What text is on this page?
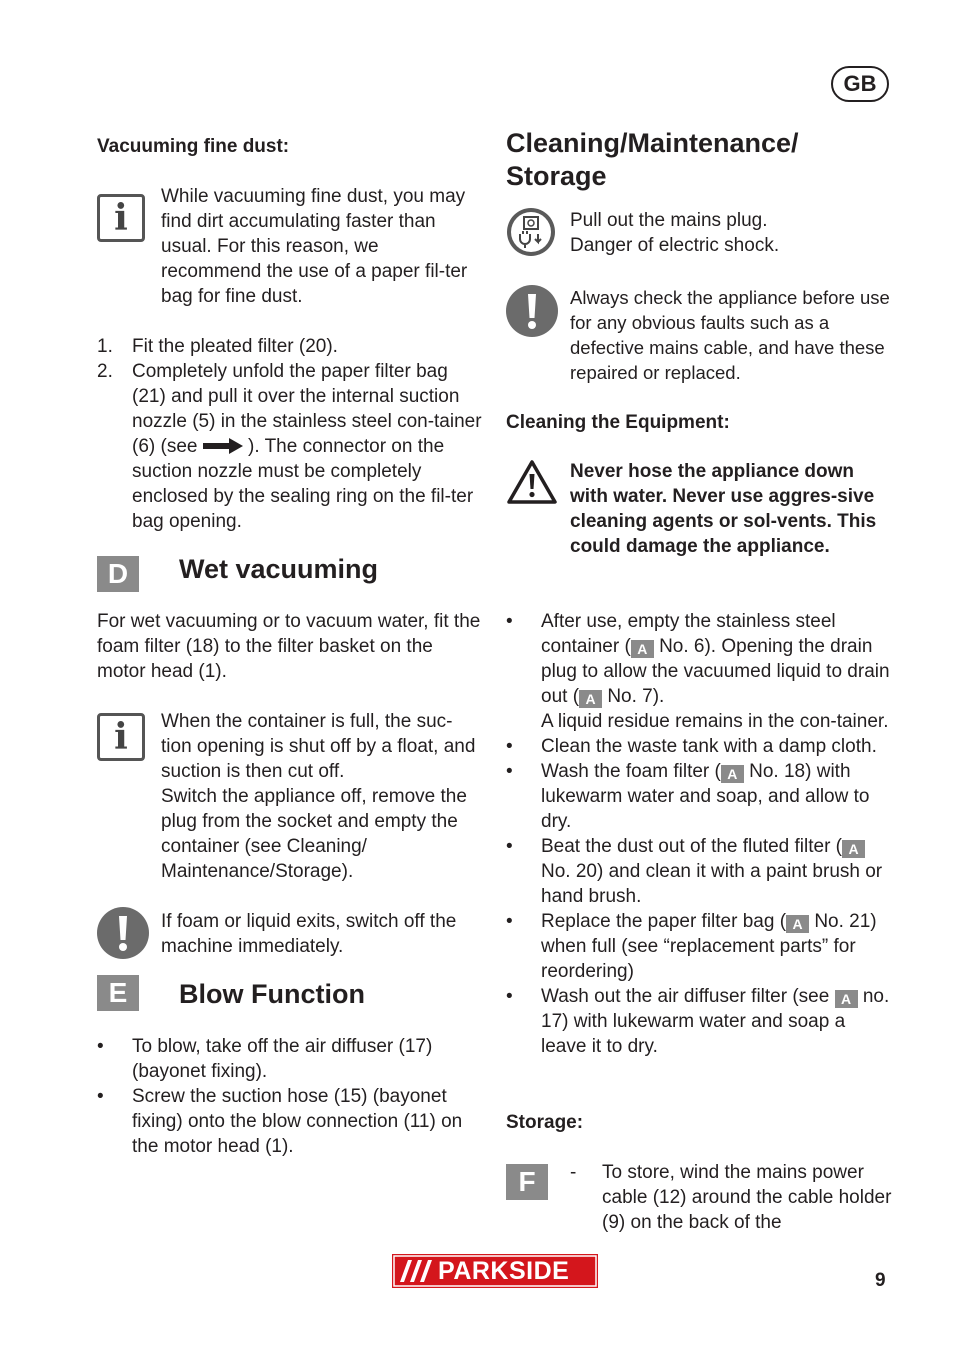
GB
Vacuuming fine dust:
i
While vacuuming fine dust, you may find dirt accumulating faster than usual. For this reason, we recommend the use of a paper fil-ter bag for fine dust.
1. Fit the pleated filter (20).
2. Completely unfold the paper filter bag (21) and pull it over the internal suction nozzle (5) in the stainless steel con-tainer (6) (see	). The connector on the suction nozzle must be completely enclosed by the sealing ring on the fil-ter bag opening.
D	Wet vacuuming
For wet vacuuming or to vacuum water, fit the foam filter (18) to the filter basket on the motor head (1).
i When the container is full, the suc-tion opening is shut off by a float, and suction is then cut off.
Switch the appliance off, remove the plug from the socket and empty the container (see Cleaning/ Maintenance/Storage).
If foam or liquid exits, switch off the machine immediately.
E	Blow Function
• To blow, take off the air diffuser (17) (bayonet fixing).
• Screw the suction hose (15) (bayonet fixing) onto the blow connection (11) on the motor head (1).
Cleaning/Maintenance/
Storage
Pull out the mains plug.
Danger of electric shock.
Always check the appliance before use for any obvious faults such as a defective mains cable, and have these repaired or replaced.
Cleaning the Equipment:
Never hose the appliance down with water. Never use aggres-sive cleaning agents or sol-vents. This could damage the appliance.
• After use, empty the stainless steel container ( A No. 6). Opening the drain plug to allow the vacuumed liquid to drain out ( A No. 7).
A liquid residue remains in the con-tainer.
• Clean the waste tank with a damp cloth.
• Wash the foam filter ( A No. 18) with lukewarm water and soap, and allow to dry.
• Beat the dust out of the fluted filter ( A No. 20) and clean it with a paint brush or hand brush.
• Replace the paper filter bag ( A No. 21) when full (see “replacement parts” for reordering)
• Wash out the air diffuser filter (see A no. 17) with lukewarm water and soap a leave it to dry.
Storage:
F	- To store, wind the mains power cable (12) around the cable holder (9) on the back of the
PARKSIDE	9
